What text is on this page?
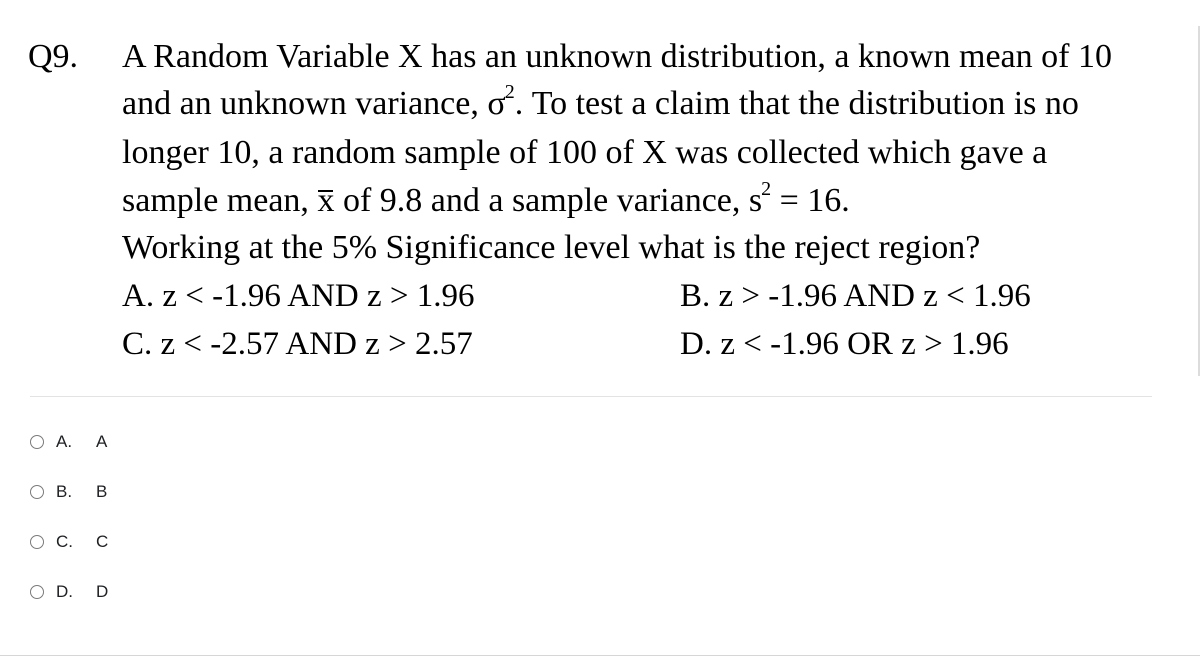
Q9. A Random Variable X has an unknown distribution, a known mean of 10
and an unknown variance, $\sigma^2$. To test a claim that the distribution is no
longer 10, a random sample of 100 of X was collected which gave a
sample mean, x of 9.8 and a sample variance, $s^2 = 16$.
Working at the 5% Significance level what is the reject region?
A. z < -1.96 AND z > 1.96	B. z > -1.96 AND z < 1.96
C. z < -2.57 AND z > 2.57	D. z < -1.96 OR z > 1.96
A.	A
B.	B
C.	C
D.	D
